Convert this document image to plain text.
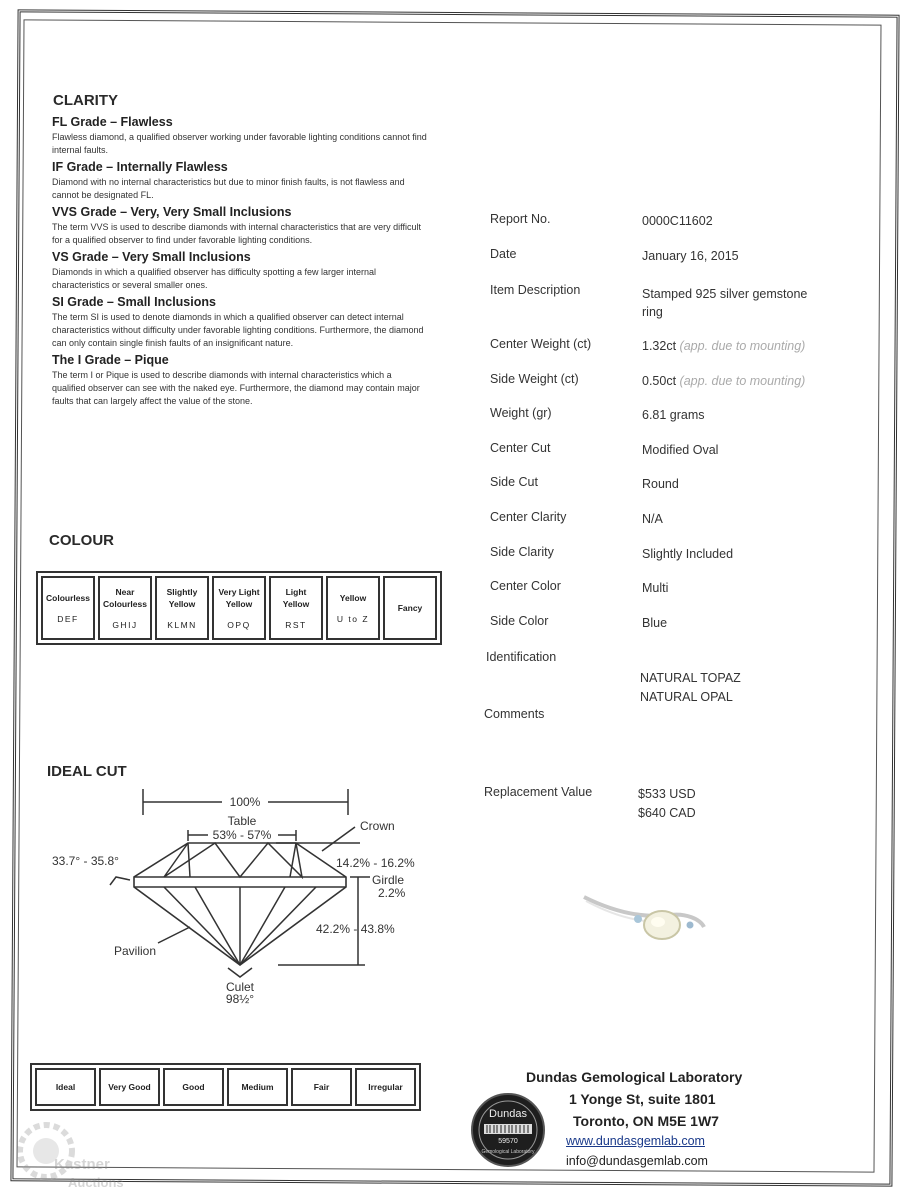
CLARITY

FL Grade – Flawless

Flawless diamond, a qualified observer working under favorable lighting conditions cannot find internal faults.

IF Grade – Internally Flawless

Diamond with no internal characteristics but due to minor finish faults, is not flawless and cannot be designated FL.

VVS Grade – Very, Very Small Inclusions

The term VVS is used to describe diamonds with internal characteristics that are very difficult for a qualified observer to find under favorable lighting conditions.

VS Grade – Very Small Inclusions

Diamonds in which a qualified observer has difficulty spotting a few larger internal characteristics or several smaller ones.

SI Grade – Small Inclusions

The term SI is used to denote diamonds in which a qualified observer can detect internal characteristics without difficulty under favorable lighting conditions. Furthermore, the diamond can only contain single finish faults of an insignificant nature.

The I Grade – Pique

The term I or Pique is used to describe diamonds with internal characteristics which a qualified observer can see with the naked eye. Furthermore, the diamond may contain major faults that can largely affect the value of the stone.

COLOUR
Colourless
DEF

Near Colourless
GHIJ

Slightly Yellow
KLMN

Very Light Yellow
OPQ

Light Yellow
RST

Yellow
U to Z

Fancy
IDEAL CUT
100%
Table
53% - 57%
Crown
33.7° - 35.8°	14.2% - 16.2%
Girdle
2.2%
42.2% - 43.8%
Pavilion
Culet
98½°
Ideal	Very Good	Good	Medium	Fair	Irregular
Report No.	0000C11602
Date	January 16, 2015
Item Description	Stamped 925 silver gemstone ring
Center Weight (ct)	1.32ct (app. due to mounting)
Side Weight (ct)	0.50ct (app. due to mounting)
Weight (gr)	6.81 grams
Center Cut	Modified Oval
Side Cut	Round
Center Clarity	N/A
Side Clarity	Slightly Included
Center Color	Multi
Side Color	Blue
Identification
NATURAL TOPAZ
NATURAL OPAL
Comments
Replacement Value	$533 USD
$640 CAD
Dundas Gemological Laboratory
1 Yonge St, suite 1801
Toronto, ON M5E 1W7
www.dundasgemlab.com
info@dundasgemlab.com
Dundas
59570
Gemological Laboratory
Kastner
Auctions
